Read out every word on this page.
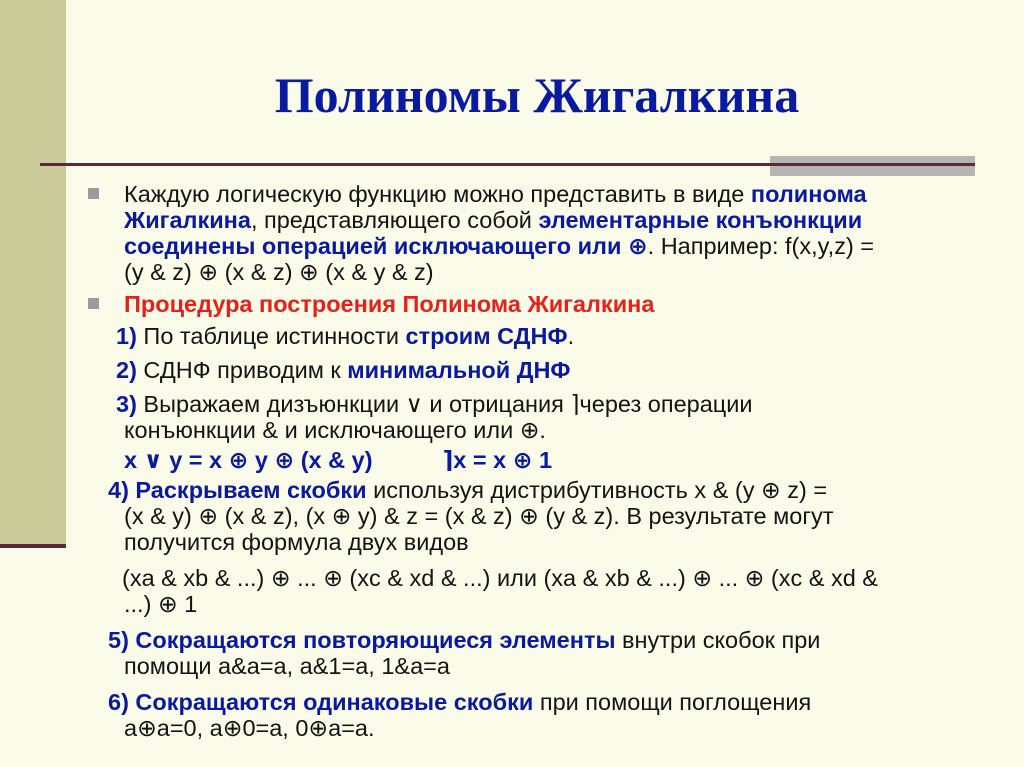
Полиномы Жигалкина
Каждую логическую функцию можно представить в виде полинома
Жигалкина, представляющего собой элементарные конъюнкции
соединены операцией исключающего или ⊕. Например: f(x,y,z) =
(y & z) ⊕ (x & z) ⊕ (x & y & z)
Процедура построения Полинома Жигалкина
1) По таблице истинности строим СДНФ.
2) СДНФ приводим к минимальной ДНФ
3) Выражаем дизъюнкции ∨ и отрицания ⌉через операции
конъюнкции & и исключающего или ⊕.
x ∨ y = x ⊕ y ⊕ (x & y)	⌉x = x ⊕ 1
4) Раскрываем скобки используя дистрибутивность x & (y ⊕ z) =
(x & y) ⊕ (x & z), (x ⊕ y) & z = (x & z) ⊕ (y & z). В результате могут
получится формула двух видов
(xa & xb & ...) ⊕ ... ⊕ (xc & xd & ...) или (xa & xb & ...) ⊕ ... ⊕ (xc & xd &
...) ⊕ 1
5) Сокращаются повторяющиеся элементы внутри скобок при
помощи a&a=a, a&1=a, 1&a=a
6) Сокращаются одинаковые скобки при помощи поглощения
a⊕a=0, a⊕0=a, 0⊕a=a.
